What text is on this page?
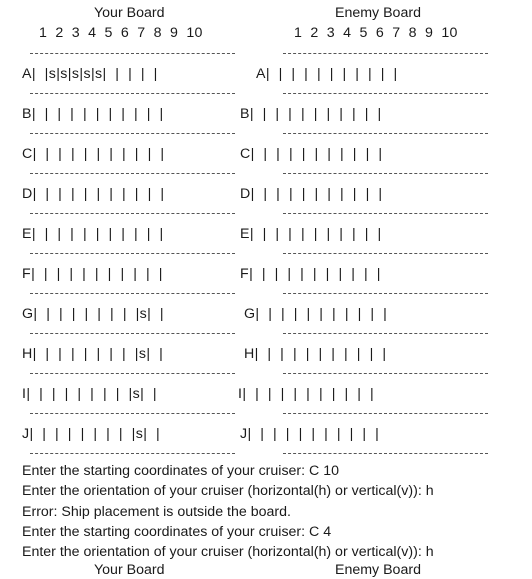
Your Board	Enemy Board
1  2  3  4  5  6  7  8  9  10	1  2  3  4  5  6  7  8  9  10
A|  |s|s|s|s|s|  |  |  |  |
B|  |  |  |  |  |  |  |  |  |  |
C|  |  |  |  |  |  |  |  |  |  |
D|  |  |  |  |  |  |  |  |  |  |
E|  |  |  |  |  |  |  |  |  |  |
F|  |  |  |  |  |  |  |  |  |  |
G|  |  |  |  |  |  |  |  |s|  |
H|  |  |  |  |  |  |  |  |s|  |
I|  |  |  |  |  |  |  |  |s|  |
J|  |  |  |  |  |  |  |  |s|  |
A|  |  |  |  |  |  |  |  |  |  |
B|  |  |  |  |  |  |  |  |  |  |
C|  |  |  |  |  |  |  |  |  |  |
D|  |  |  |  |  |  |  |  |  |  |
E|  |  |  |  |  |  |  |  |  |  |
F|  |  |  |  |  |  |  |  |  |  |
G|  |  |  |  |  |  |  |  |  |  |
H|  |  |  |  |  |  |  |  |  |  |
I|  |  |  |  |  |  |  |  |  |  |
J|  |  |  |  |  |  |  |  |  |  |
Enter the starting coordinates of your cruiser: C 10
Enter the orientation of your cruiser (horizontal(h) or vertical(v)): h
Error: Ship placement is outside the board.
Enter the starting coordinates of your cruiser: C 4
Enter the orientation of your cruiser (horizontal(h) or vertical(v)): h
Your Board	Enemy Board
